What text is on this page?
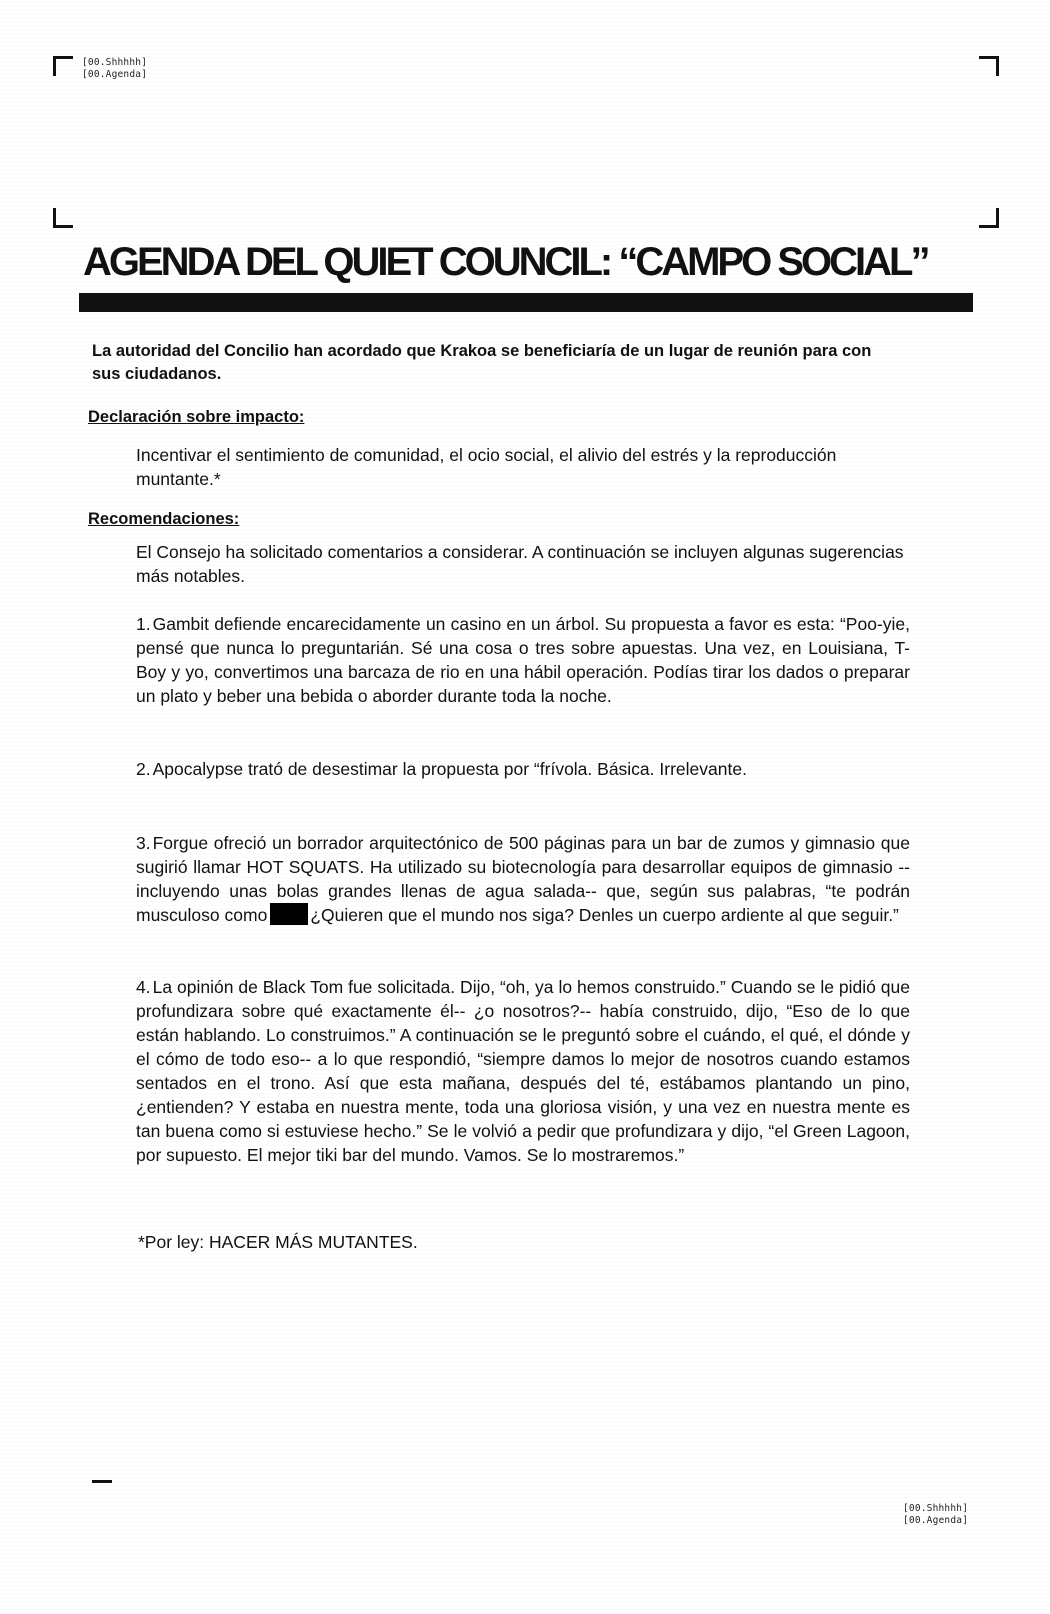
[00.Shhhhh]
[00.Agenda]
AGENDA DEL QUIET COUNCIL: “CAMPO SOCIAL”

La autoridad del Concilio han acordado que Krakoa se beneficiaría de un lugar de reunión para con sus ciudadanos.

Declaración sobre impacto:

Incentivar el sentimiento de comunidad, el ocio social, el alivio del estrés y la reproducción muntante.*

Recomendaciones:

El Consejo ha solicitado comentarios a considerar. A continuación se incluyen algunas sugerencias más notables.

1. Gambit defiende encarecidamente un casino en un árbol. Su propuesta a favor es esta: “Poo-yie, pensé que nunca lo preguntarián. Sé una cosa o tres sobre apuestas. Una vez, en Louisiana, T-Boy y yo, convertimos una barcaza de rio en una hábil operación. Podías tirar los dados o preparar un plato y beber una bebida o aborder durante toda la noche.

2. Apocalypse trató de desestimar la propuesta por “frívola. Básica. Irrelevante.

3. Forgue ofreció un borrador arquitectónico de 500 páginas para un bar de zumos y gimnasio que sugirió llamar HOT SQUATS. Ha utilizado su biotecnología para desarrollar equipos de gimnasio --incluyendo unas bolas grandes llenas de agua salada-- que, según sus palabras, “te podrán musculoso como ¿Quieren que el mundo nos siga? Denles un cuerpo ardiente al que seguir.”

4. La opinión de Black Tom fue solicitada. Dijo, “oh, ya lo hemos construido.” Cuando se le pidió que profundizara sobre qué exactamente él-- ¿o nosotros?-- había construido, dijo, “Eso de lo que están hablando. Lo construimos.” A continuación se le preguntó sobre el cuándo, el qué, el dónde y el cómo de todo eso-- a lo que respondió, “siempre damos lo mejor de nosotros cuando estamos sentados en el trono. Así que esta mañana, después del té, estábamos plantando un pino, ¿entienden? Y estaba en nuestra mente, toda una gloriosa visión, y una vez en nuestra mente es tan buena como si estuviese hecho.” Se le volvió a pedir que profundizara y dijo, “el Green Lagoon, por supuesto. El mejor tiki bar del mundo. Vamos. Se lo mostraremos.”

*Por ley: HACER MÁS MUTANTES.

[00.Shhhhh]
[00.Agenda]
